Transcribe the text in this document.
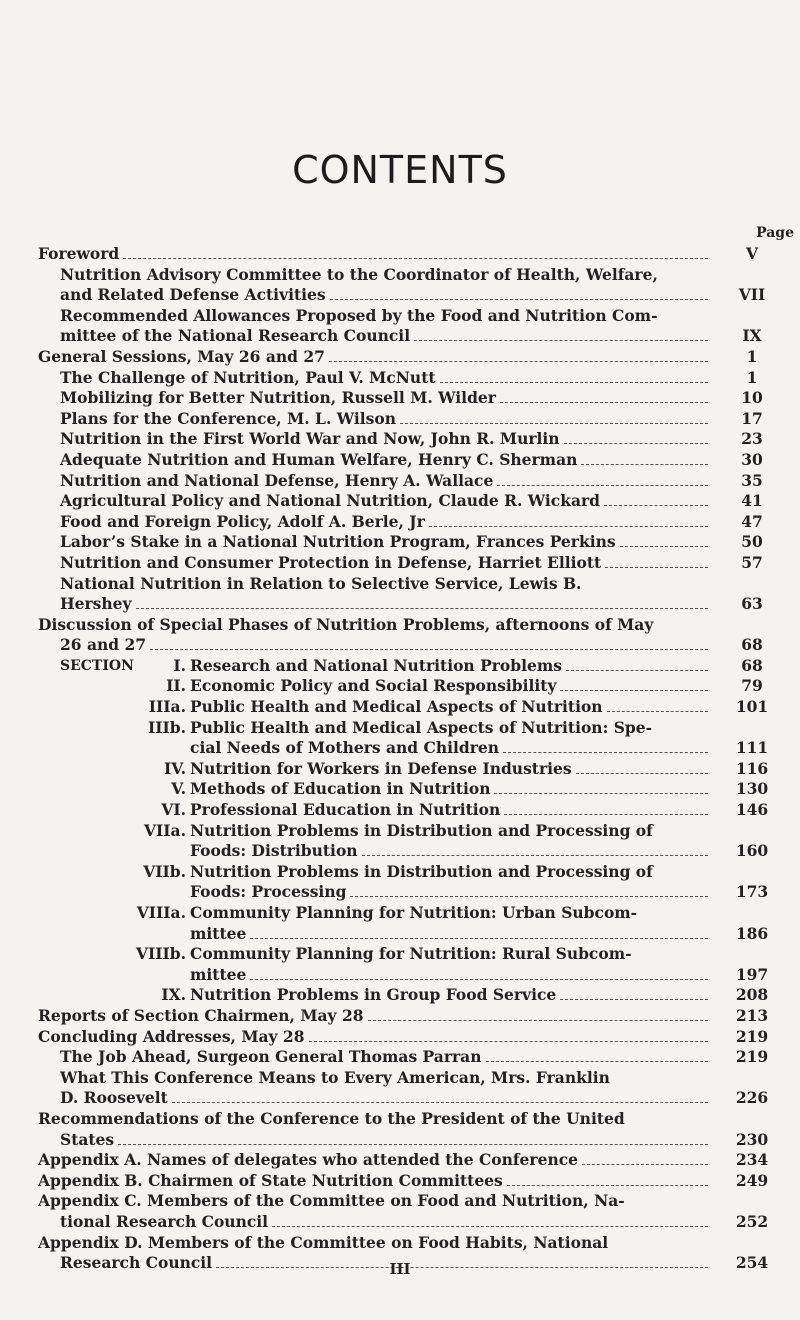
CONTENTS
Page
Foreword	V
Nutrition Advisory Committee to the Coordinator of Health, Welfare,
and Related Defense Activities	VII
Recommended Allowances Proposed by the Food and Nutrition Com-
mittee of the National Research Council	IX
General Sessions, May 26 and 27	1
The Challenge of Nutrition, Paul V. McNutt	1
Mobilizing for Better Nutrition, Russell M. Wilder	10
Plans for the Conference, M. L. Wilson	17
Nutrition in the First World War and Now, John R. Murlin	23
Adequate Nutrition and Human Welfare, Henry C. Sherman	30
Nutrition and National Defense, Henry A. Wallace	35
Agricultural Policy and National Nutrition, Claude R. Wickard	41
Food and Foreign Policy, Adolf A. Berle, Jr	47
Labor’s Stake in a National Nutrition Program, Frances Perkins	50
Nutrition and Consumer Protection in Defense, Harriet Elliott	57
National Nutrition in Relation to Selective Service, Lewis B.
Hershey	63
Discussion of Special Phases of Nutrition Problems, afternoons of May
26 and 27	68
SECTION	I. Research and National Nutrition Problems	68
II. Economic Policy and Social Responsibility	79
IIIa. Public Health and Medical Aspects of Nutrition	101
IIIb. Public Health and Medical Aspects of Nutrition: Spe-
cial Needs of Mothers and Children	111
IV. Nutrition for Workers in Defense Industries	116
V. Methods of Education in Nutrition	130
VI. Professional Education in Nutrition	146
VIIa. Nutrition Problems in Distribution and Processing of
Foods: Distribution	160
VIIb. Nutrition Problems in Distribution and Processing of
Foods: Processing	173
VIIIa. Community Planning for Nutrition: Urban Subcom-
mittee	186
VIIIb. Community Planning for Nutrition: Rural Subcom-
mittee	197
IX. Nutrition Problems in Group Food Service	208
Reports of Section Chairmen, May 28	213
Concluding Addresses, May 28	219
The Job Ahead, Surgeon General Thomas Parran	219
What This Conference Means to Every American, Mrs. Franklin
D. Roosevelt	226
Recommendations of the Conference to the President of the United
States	230
Appendix A. Names of delegates who attended the Conference	234
Appendix B. Chairmen of State Nutrition Committees	249
Appendix C. Members of the Committee on Food and Nutrition, Na-
tional Research Council	252
Appendix D. Members of the Committee on Food Habits, National
Research Council	254
III
